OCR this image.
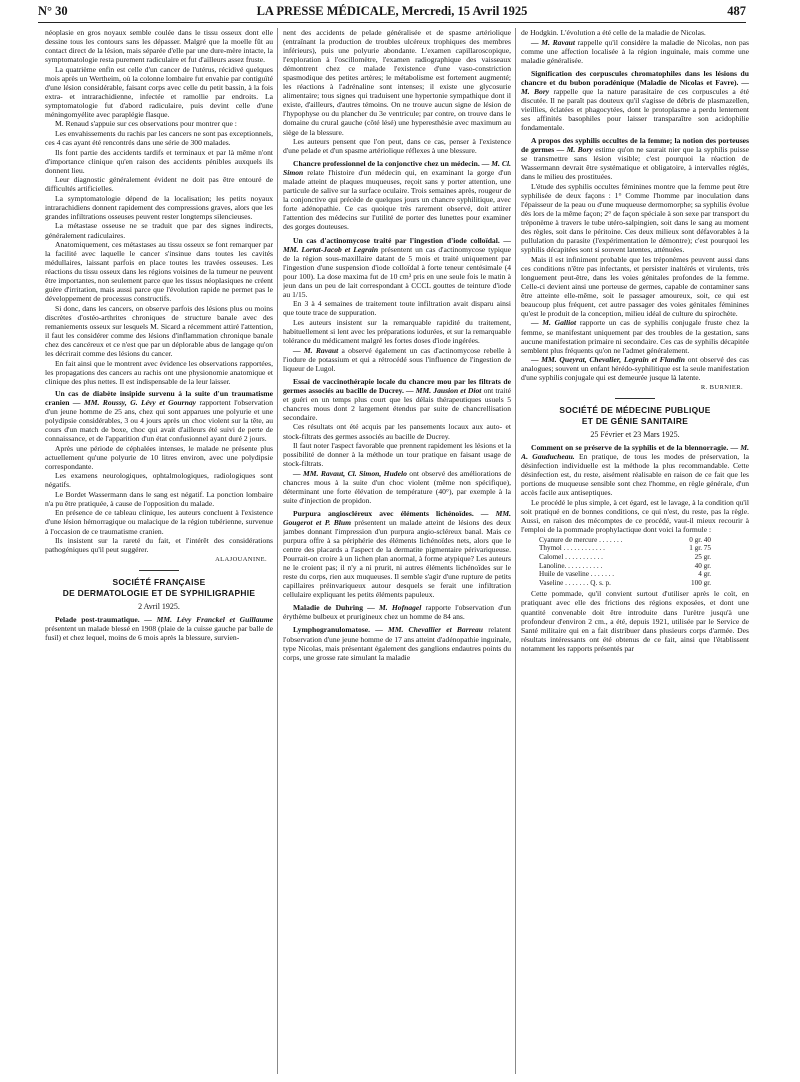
N° 30	LA PRESSE MÉDICALE, Mercredi, 15 Avril 1925	487

néoplasie en gros noyaux semble coulée dans le tissu osseux dont elle dessine tous les contours sans les dépasser. Malgré que la moelle fût au contact direct de la lésion, mais séparée d'elle par une dure-mère intacte, la symptomatologie resta purement radiculaire et fut d'ailleurs assez fruste.

La quatrième enfin est celle d'un cancer de l'utérus, récidivé quelques mois après un Wertheim, où la colonne lombaire fut envahie par contiguïté d'une lésion considérable, faisant corps avec celle du petit bassin, à la fois extra- et intrarachidienne, infectée et ramollie par endroits. La symptomatologie fut d'abord radiculaire, puis devint celle d'une méningomyélite avec paraplégie flasque.

M. Renaud s'appuie sur ces observations pour montrer que :

Les envahissements du rachis par les cancers ne sont pas exceptionnels, ces 4 cas ayant été rencontrés dans une série de 300 malades.

Ils font partie des accidents tardifs et terminaux et par là même n'ont d'importance clinique qu'en raison des accidents pénibles auxquels ils donnent lieu.

Leur diagnostic généralement évident ne doit pas être entouré de difficultés artificielles.

La symptomatologie dépend de la localisation; les petits noyaux intrarachidiens donnent rapidement des compressions graves, alors que les grandes infiltrations osseuses peuvent rester longtemps silencieuses.

La métastase osseuse ne se traduit que par des signes indirects, généralement radiculaires.

Anatomiquement, ces métastases au tissu osseux se font remarquer par la facilité avec laquelle le cancer s'insinue dans toutes les cavités médullaires, laissant parfois en place toutes les travées osseuses. Les réactions du tissu osseux dans les régions voisines de la tumeur ne peuvent être importantes, non seulement parce que les tissus néoplasiques ne créent guère d'irritation, mais aussi parce que l'évolution rapide ne permet pas le développement de processus constructifs.

Si donc, dans les cancers, on observe parfois des lésions plus ou moins discrètes d'ostéo-arthrites chroniques de structure banale avec des remaniements osseux sur lesquels M. Sicard a récemment attiré l'attention, il faut les considérer comme des lésions d'inflammation chronique banale chez des cancéreux et ce n'est que par un déplorable abus de langage qu'on les décrirait comme des lésions du cancer.

En fait ainsi que le montrent avec évidence les observations rapportées, les propagations des cancers au rachis ont une physionomie anatomique et clinique des plus nettes. Il est indispensable de la leur laisser.

Un cas de diabète insipide survenu à la suite d'un traumatisme cranien — MM. Roussy, G. Lévy et Gournay rapportent l'observation d'un jeune homme de 25 ans, chez qui sont apparues une polyurie et une polydipsie considérables, 3 ou 4 jours après un choc violent sur la tête, au cours d'un match de boxe, choc qui avait d'ailleurs été suivi de perte de connaissance, et de l'apparition d'un état confusionnel ayant duré 2 jours.

Après une période de céphalées intenses, le malade ne présente plus actuellement qu'une polyurie de 10 litres environ, avec une polydipsie correspondante.

Les examens neurologiques, ophtalmologiques, radiologiques sont négatifs.

Le Bordet Wassermann dans le sang est négatif. La ponction lombaire n'a pu être pratiquée, à cause de l'opposition du malade.

En présence de ce tableau clinique, les auteurs concluent à l'existence d'une lésion hémorragique ou malacique de la région tubérienne, survenue à l'occasion de ce traumatisme cranien.

Ils insistent sur la rareté du fait, et l'intérêt des considérations pathogéniques qu'il peut suggérer.

ALAJOUANINE.

SOCIÉTÉ FRANÇAISE
DE DERMATOLOGIE ET DE SYPHILIGRAPHIE

2 Avril 1925.

Pelade post-traumatique. — MM. Lévy Franckel et Guillaume présentent un malade blessé en 1908 (plaie de la cuisse gauche par balle de fusil) et chez lequel, moins de 6 mois après la blessure, survien-

nent des accidents de pelade généralisée et de spasme artériolique (entraînant la production de troubles ulcéreux trophiques des membres inférieurs), puis une polyurie abondante. L'examen capillaroscopique, l'exploration à l'oscillomètre, l'examen radiographique des vaisseaux démontrent chez ce malade l'existence d'une vaso-constriction spasmodique des petites artères; le métabolisme est fortement augmenté; les réactions à l'adrénaline sont intenses; il existe une glycosurie alimentaire; tous signes qui traduisent une hypertonie sympathique dont il existe, d'ailleurs, d'autres témoins. On ne trouve aucun signe de lésion de l'hypophyse ou du plancher du 3e ventricule; par contre, on trouve dans le domaine du crural gauche (côté lésé) une hyperesthésie avec maximum au siège de la blessure.

Les auteurs pensent que l'on peut, dans ce cas, penser à l'existence d'une pelade et d'un spasme artériolique réflexes à une blessure.

Chancre professionnel de la conjonctive chez un médecin. — M. Cl. Simon relate l'histoire d'un médecin qui, en examinant la gorge d'un malade atteint de plaques muqueuses, reçoit sans y porter attention, une particule de salive sur la surface oculaire. Trois semaines après, rougeur de la conjonctive qui précède de quelques jours un chancre syphilitique, avec forte adénopathie. Ce cas quoique très rarement observé, doit attirer l'attention des médecins sur l'utilité de porter des lunettes pour examiner des gorges douteuses.

Un cas d'actinomycose traité par l'ingestion d'iode colloïdal. — MM. Lortat-Jacob et Legrain présentent un cas d'actinomycose typique de la région sous-maxillaire datant de 5 mois et traité uniquement par l'ingestion d'une suspension d'iode colloïdal à forte teneur centésimale (4 pour 100). La dose maxima fut de 10 cm³ pris en une seule fois le matin à jeun dans un peu de lait correspondant à CCCL gouttes de teinture d'iode au 1/15.

En 3 à 4 semaines de traitement toute infiltration avait disparu ainsi que toute trace de suppuration.

Les auteurs insistent sur la remarquable rapidité du traitement, habituellement si lent avec les préparations iodurées, et sur la remarquable tolérance du médicament malgré les fortes doses d'iode ingérées.

— M. Ravaut a observé également un cas d'actinomycose rebelle à l'iodure de potassium et qui a rétrocédé sous l'influence de l'ingestion de liqueur de Lugol.

Essai de vaccinothérapie locale du chancre mou par les filtrats de germes associés au bacille de Ducrey. — MM. Jausion et Diot ont traité et guéri en un temps plus court que les délais thérapeutiques usuels 5 chancres mous dont 2 largement étendus par suite de chancrellisation secondaire.

Ces résultats ont été acquis par les pansements locaux aux auto- et stock-filtrats des germes associés au bacille de Ducrey.

Il faut noter l'aspect favorable que prennent rapidement les lésions et la possibilité de donner à la méthode un tour pratique en faisant usage de stock-filtrats.

— MM. Ravaut, Cl. Simon, Hudelo ont observé des améliorations de chancres mous à la suite d'un choc violent (même non spécifique), déterminant une forte élévation de température (40°), par exemple à la suite d'injection de propidon.

Purpura angioscléreux avec éléments lichénoïdes. — MM. Gougerot et P. Blum présentent un malade atteint de lésions des deux jambes donnant l'impression d'un purpura angio-scléreux banal. Mais ce purpura offre à sa périphérie des éléments lichénoïdes nets, alors que le centre des placards a l'aspect de la dermatite pigmentaire périvariqueuse. Pourrait-on croire à un lichen plan anormal, à forme atypique? Les auteurs ne le croient pas; il n'y a ni prurit, ni autres éléments lichénoïdes sur le reste du corps, rien aux muqueuses. Il semble s'agir d'une rupture de petits capillaires préinvariqueux autour desquels se ferait une infiltration cellulaire expliquant les petits éléments papuleux.

Maladie de Duhring — M. Hofnagel rapporte l'observation d'un érythème bulbeux et prurigineux chez un homme de 84 ans.

Lymphogranulomatose. — MM. Chevallier et Barreau relatent l'observation d'une jeune homme de 17 ans atteint d'adénopathie inguinale, type Nicolas, mais présentant également des ganglions endautres points du corps, une grosse rate simulant la maladie

de Hodgkin. L'évolution a été celle de la maladie de Nicolas.

— M. Ravaut rappelle qu'il considère la maladie de Nicolas, non pas comme une affection localisée à la région inguinale, mais comme une maladie généralisée.

Signification des corpuscules chromatophiles dans les lésions du chancre et du bubon poradénique (Maladie de Nicolas et Favre). — M. Bory rappelle que la nature parasitaire de ces corpuscules a été discutée. Il ne paraît pas douteux qu'il s'agisse de débris de plasmazellen, vieillies, éclatées et phagocytées, dont le protoplasme a perdu lentement ses affinités basophiles pour laisser transparaître son acidophilie fondamentale.

A propos des syphilis occultes de la femme; la notion des porteuses de germes — M. Bory estime qu'on ne saurait nier que la syphilis puisse se transmettre sans lésion visible; c'est pourquoi la réaction de Wassermann devrait être systématique et obligatoire, à intervalles réglés, dans le milieu des prostituées.

L'étude des syphilis occultes féminines montre que la femme peut être syphilisée de deux façons : 1° Comme l'homme par inoculation dans l'épaisseur de la peau ou d'une muqueuse dermomorphe; sa syphilis évolue dès lors de la même façon; 2° de façon spéciale à son sexe par transport du tréponème à travers le tube utéro-salpingien, soit dans le sang au moment des règles, soit dans le péritoine. Ces deux milieux sont défavorables à la pullulation du parasite (l'expérimentation le démontre); c'est pourquoi les syphilis décapitées sont si souvent latentes, atténuées.

Mais il est infiniment probable que les tréponèmes peuvent aussi dans ces conditions n'être pas infectants, et persister inaltérés et virulents, très longuement peut-être, dans les voies génitales profondes de la femme. Celle-ci devient ainsi une porteuse de germes, capable de contaminer sans être atteinte elle-même, soit le passager amoureux, soit, ce qui est beaucoup plus fréquent, cet autre passager des voies génitales féminines qu'est le produit de la conception, milieu idéal de culture du spirochète.

— M. Galliot rapporte un cas de syphilis conjugale fruste chez la femme, se manifestant uniquement par des troubles de la gestation, sans aucune manifestation primaire ni secondaire. Ces cas de syphilis décapitée semblent plus fréquents qu'on ne l'admet généralement.

— MM. Queyrat, Chevalier, Legrain et Flandin ont observé des cas analogues; souvent un enfant hérédo-syphilitique est la seule manifestation d'une syphilis conjugale qui est demeurée jusque là latente.

R. BURNIER.

SOCIÉTÉ DE MÉDECINE PUBLIQUE
ET DE GÉNIE SANITAIRE

25 Février et 23 Mars 1925.

Comment on se préserve de la syphilis et de la blennorragie. — M. A. Gauducheau. En pratique, de tous les modes de préservation, la désinfection individuelle est la méthode la plus recommandable. Cette désinfection est, du reste, aisément réalisable en raison de ce fait que les portions de muqueuse sensible sont chez l'homme, en règle générale, d'un accès facile aux antiseptiques.

Le procédé le plus simple, à cet égard, est le lavage, à la condition qu'il soit pratiqué en de bonnes conditions, ce qui n'est, du reste, pas la règle. Aussi, en raison des mécomptes de ce procédé, vaut-il mieux recourir à l'emploi de la pommade prophylactique dont voici la formule :

Cyanure de mercure . . . . . . .	0 gr. 40
Thymol . . . . . . . . . . . .	1 gr. 75
Calomel . . . . . . . . . . .	25 gr.
Lanoline. . . . . . . . . . .	40 gr.
Huile de vaseline . . . . . . .	4 gr.
Vaseline . . . . . . . Q. s. p.	100 gr.

Cette pommade, qu'il convient surtout d'utiliser après le coït, en pratiquant avec elle des frictions des régions exposées, et dont une quantité convenable doit être introduite dans l'urètre jusqu'à une profondeur d'environ 2 cm., a été, depuis 1921, utilisée par le Service de Santé militaire qui en a fait distribuer dans plusieurs corps d'armée. Des résultats intéressants ont été obtenus de ce fait, ainsi que l'établissent notamment les rapports présentés par
